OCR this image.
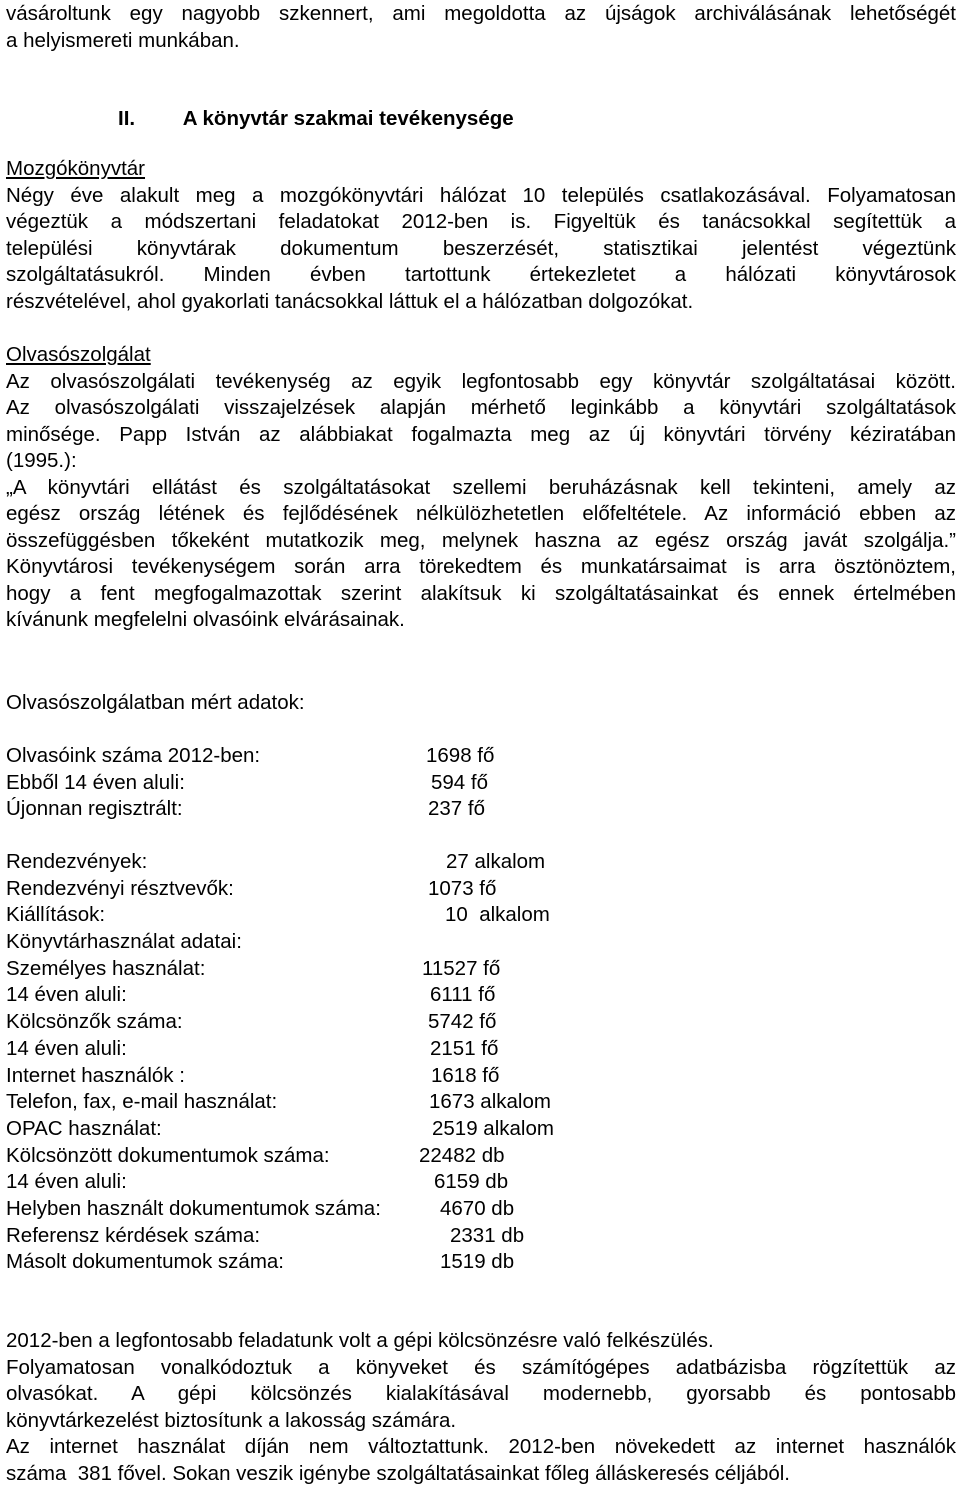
vásároltunk egy nagyobb szkennert, ami megoldotta az újságok archiválásának lehetőségét
a helyismereti munkában.
II. A könyvtár szakmai tevékenysége
Mozgókönyvtár
Négy éve alakult meg a mozgókönyvtári hálózat 10 település csatlakozásával. Folyamatosan
végeztük a módszertani feladatokat 2012-ben is. Figyeltük és tanácsokkal segítettük a
települési könyvtárak dokumentum beszerzését, statisztikai jelentést végeztünk
szolgáltatásukról. Minden évben tartottunk értekezletet a hálózati könyvtárosok
részvételével, ahol gyakorlati tanácsokkal láttuk el a hálózatban dolgozókat.
Olvasószolgálat
Az olvasószolgálati tevékenység az egyik legfontosabb egy könyvtár szolgáltatásai között.
Az olvasószolgálati visszajelzések alapján mérhető leginkább a könyvtári szolgáltatások
minősége. Papp István az alábbiakat fogalmazta meg az új könyvtári törvény kéziratában
(1995.):
„A könyvtári ellátást és szolgáltatásokat szellemi beruházásnak kell tekinteni, amely az
egész ország létének és fejlődésének nélkülözhetetlen előfeltétele. Az információ ebben az
összefüggésben tőkeként mutatkozik meg, melynek haszna az egész ország javát szolgálja.”
Könyvtárosi tevékenységem során arra törekedtem és munkatársaimat is arra ösztönöztem,
hogy a fent megfogalmazottak szerint alakítsuk ki szolgáltatásainkat és ennek értelmében
kívánunk megfelelni olvasóink elvárásainak.
Olvasószolgálatban mért adatok:
Olvasóink száma 2012-ben:	1698 fő
Ebből 14 éven aluli:	594 fő
Újonnan regisztrált:	237 fő
Rendezvények:	27 alkalom
Rendezvényi résztvevők:	1073 fő
Kiállítások:	10  alkalom
Könyvtárhasználat adatai:
Személyes használat:	11527 fő
14 éven aluli:	6111 fő
Kölcsönzők száma:	5742 fő
14 éven aluli:	2151 fő
Internet használók :	1618 fő
Telefon, fax, e-mail használat:	1673 alkalom
OPAC használat:	2519 alkalom
Kölcsönzött dokumentumok száma:	22482 db
14 éven aluli:	6159 db
Helyben használt dokumentumok száma:	4670 db
Referensz kérdések száma:	2331 db
Másolt dokumentumok száma:	1519 db
2012-ben a legfontosabb feladatunk volt a gépi kölcsönzésre való felkészülés.
Folyamatosan vonalkódoztuk a könyveket és számítógépes adatbázisba rögzítettük az
olvasókat. A gépi kölcsönzés kialakításával modernebb, gyorsabb és pontosabb
könyvtárkezelést biztosítunk a lakosság számára.
Az internet használat díján nem változtattunk. 2012-ben növekedett az internet használók
száma  381 fővel. Sokan veszik igénybe szolgáltatásainkat főleg álláskeresés céljából.
